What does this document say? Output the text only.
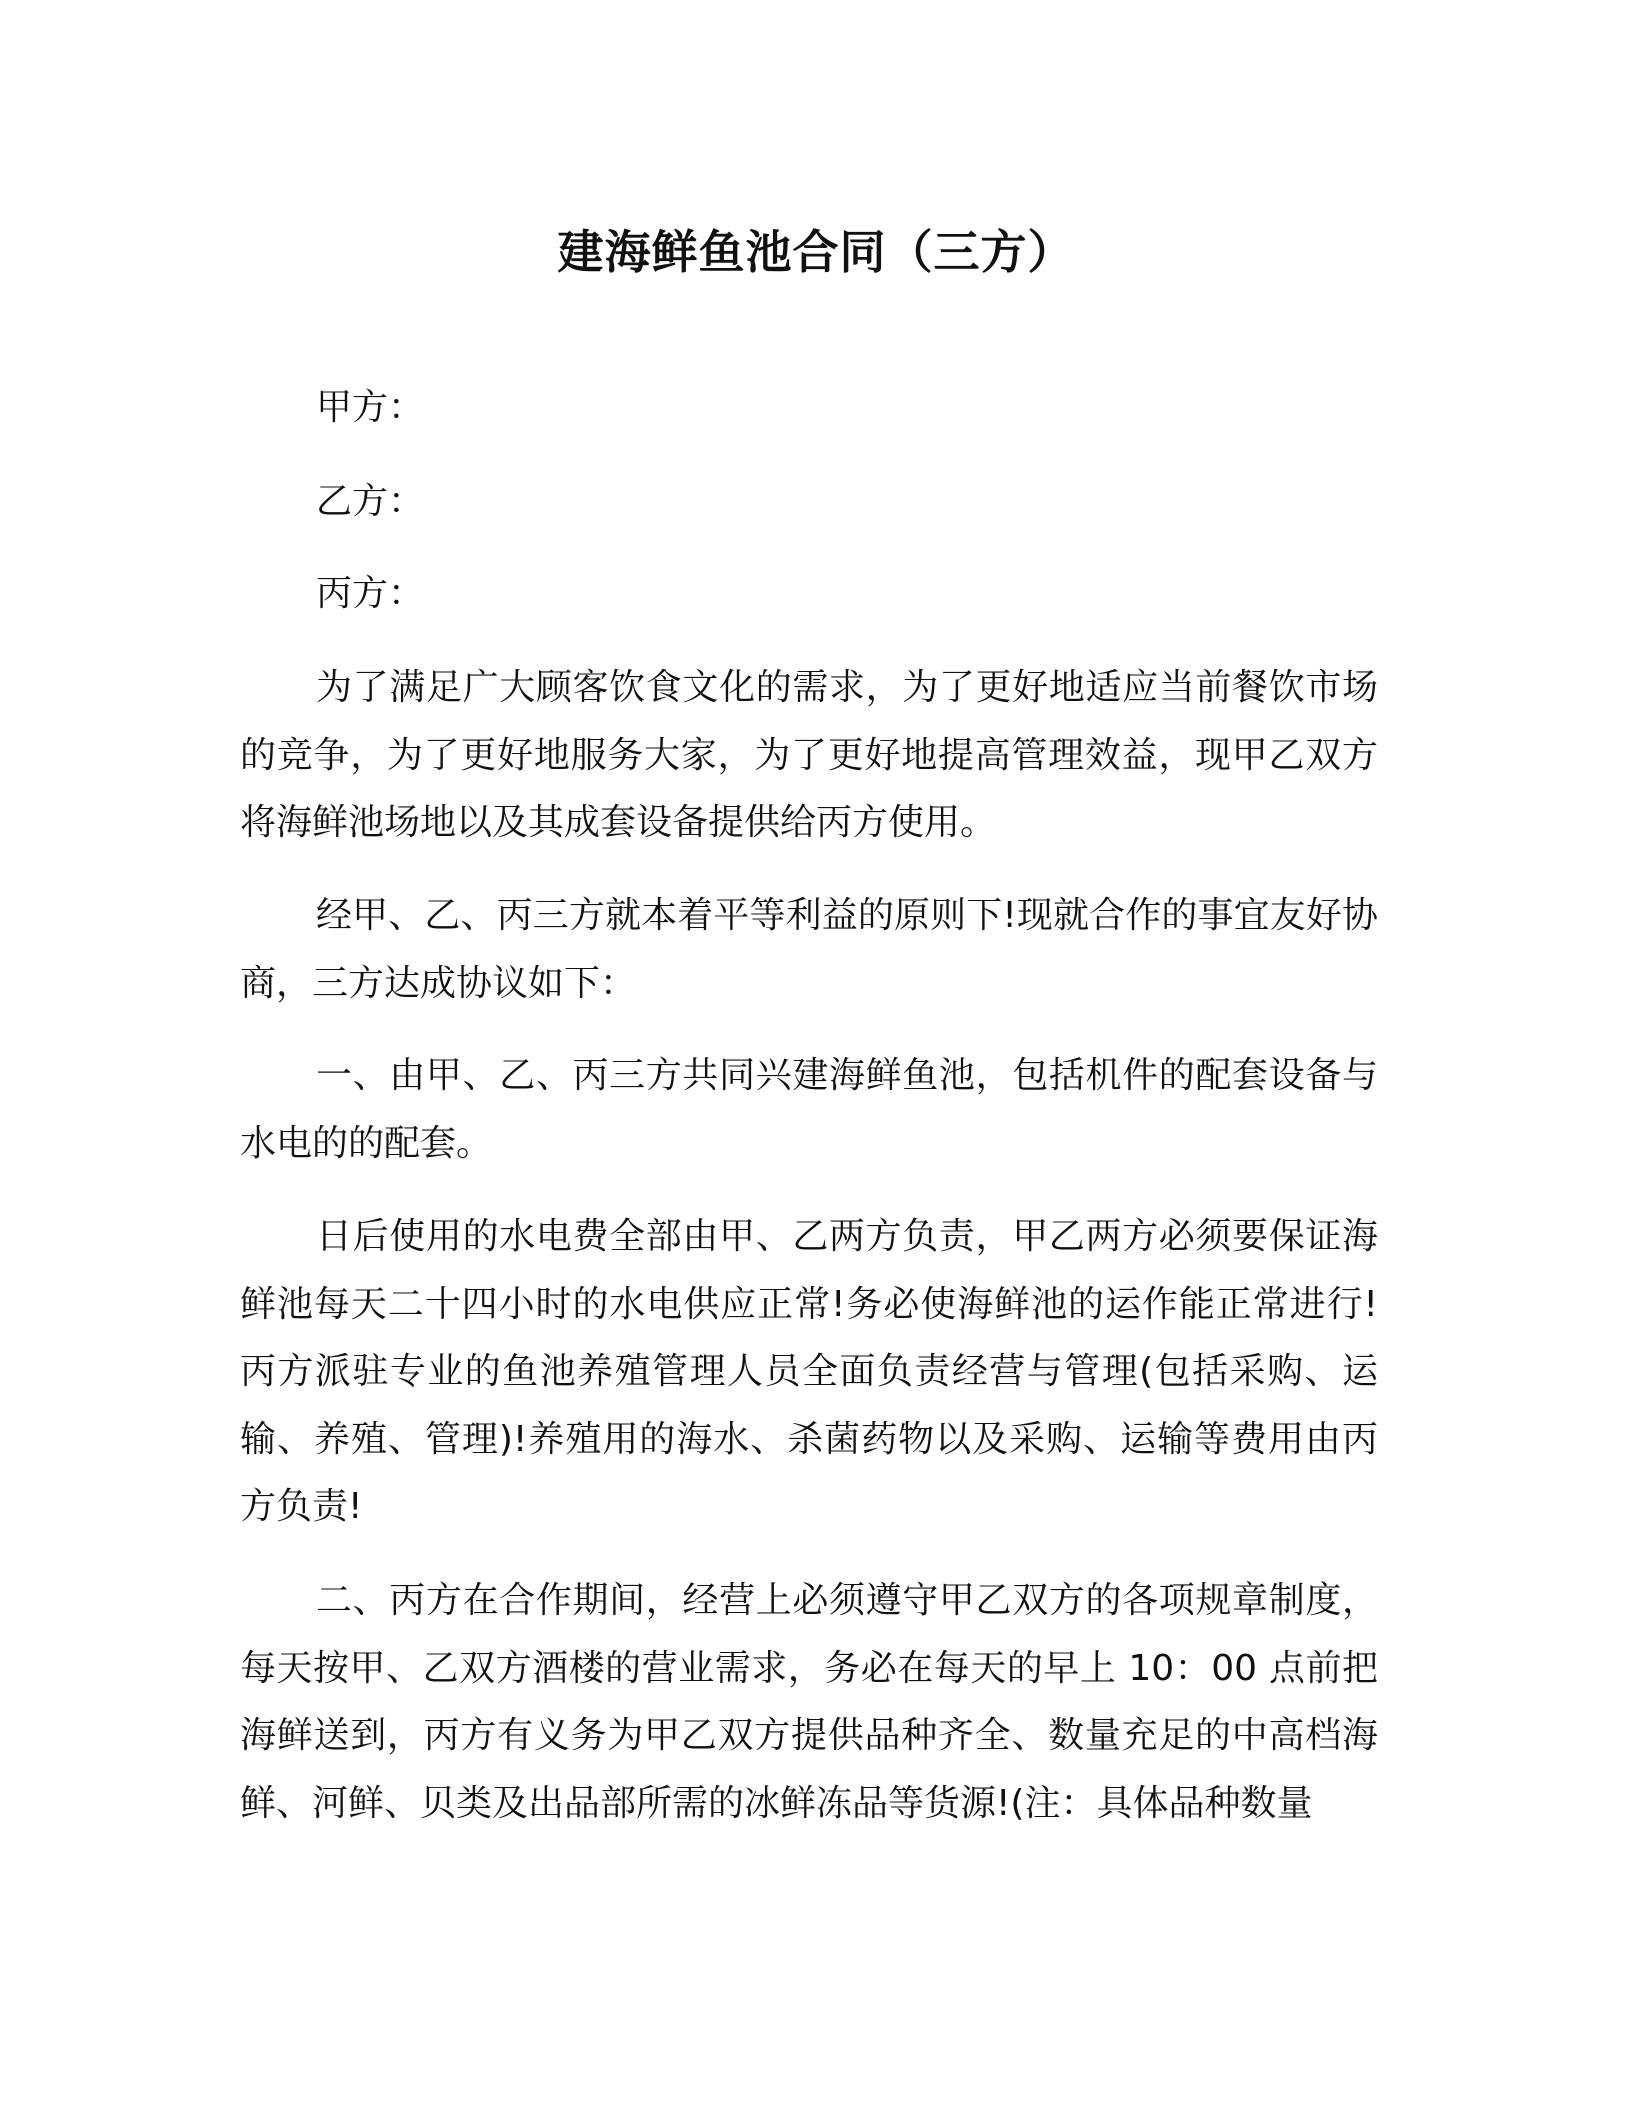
建海鲜鱼池合同（三方）
甲方：
乙方：
丙方：

为了满足广大顾客饮食文化的需求，为了更好地适应当前餐饮市场的竞争，为了更好地服务大家，为了更好地提高管理效益，现甲乙双方将海鲜池场地以及其成套设备提供给丙方使用。

经甲、乙、丙三方就本着平等利益的原则下!现就合作的事宜友好协商，三方达成协议如下：

一、由甲、乙、丙三方共同兴建海鲜鱼池，包括机件的配套设备与水电的的配套。

日后使用的水电费全部由甲、乙两方负责，甲乙两方必须要保证海鲜池每天二十四小时的水电供应正常!务必使海鲜池的运作能正常进行!丙方派驻专业的鱼池养殖管理人员全面负责经营与管理(包括采购、运输、养殖、管理)!养殖用的海水、杀菌药物以及采购、运输等费用由丙方负责!

二、丙方在合作期间，经营上必须遵守甲乙双方的各项规章制度，每天按甲、乙双方酒楼的营业需求，务必在每天的早上 10：00 点前把海鲜送到，丙方有义务为甲乙双方提供品种齐全、数量充足的中高档海鲜、河鲜、贝类及出品部所需的冰鲜冻品等货源!(注：具体品种数量
